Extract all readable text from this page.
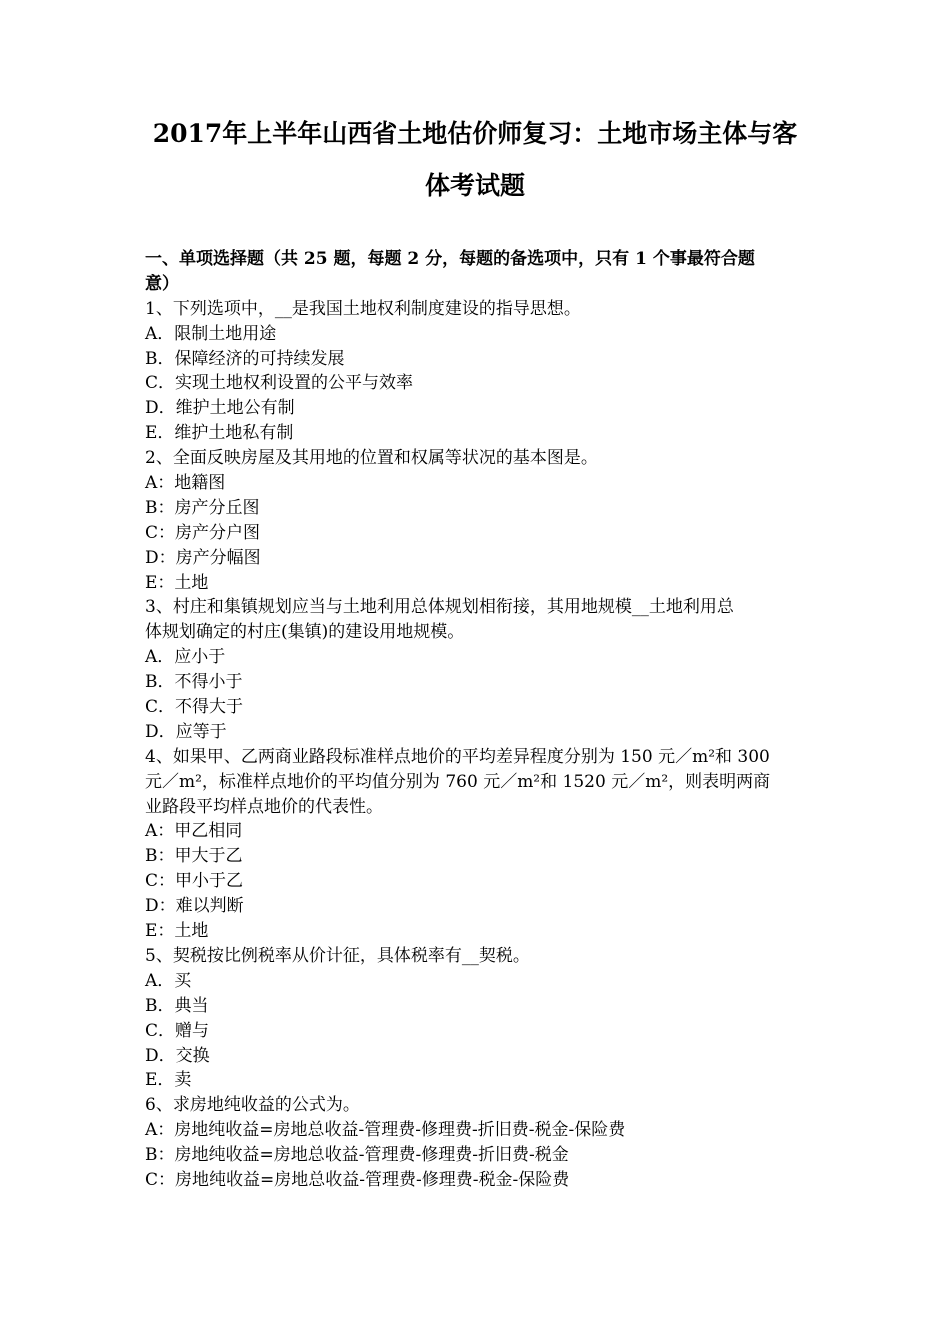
2017年上半年山西省土地估价师复习：土地市场主体与客
体考试题
一、单项选择题（共 25 题，每题 2 分，每题的备选项中，只有 1 个事最符合题
意）
1、下列选项中，__是我国土地权利制度建设的指导思想。
A．限制土地用途
B．保障经济的可持续发展
C．实现土地权利设置的公平与效率
D．维护土地公有制
E．维护土地私有制
2、全面反映房屋及其用地的位置和权属等状况的基本图是。
A：地籍图
B：房产分丘图
C：房产分户图
D：房产分幅图
E：土地
3、村庄和集镇规划应当与土地利用总体规划相衔接，其用地规模__土地利用总
体规划确定的村庄(集镇)的建设用地规模。
A．应小于
B．不得小于
C．不得大于
D．应等于
4、如果甲、乙两商业路段标准样点地价的平均差异程度分别为 150 元／m²和 300
元／m²，标准样点地价的平均值分别为 760 元／m²和 1520 元／m²，则表明两商
业路段平均样点地价的代表性。
A：甲乙相同
B：甲大于乙
C：甲小于乙
D：难以判断
E：土地
5、契税按比例税率从价计征，具体税率有__契税。
A．买
B．典当
C．赠与
D．交换
E．卖
6、求房地纯收益的公式为。
A：房地纯收益=房地总收益-管理费-修理费-折旧费-税金-保险费
B：房地纯收益=房地总收益-管理费-修理费-折旧费-税金
C：房地纯收益=房地总收益-管理费-修理费-税金-保险费
